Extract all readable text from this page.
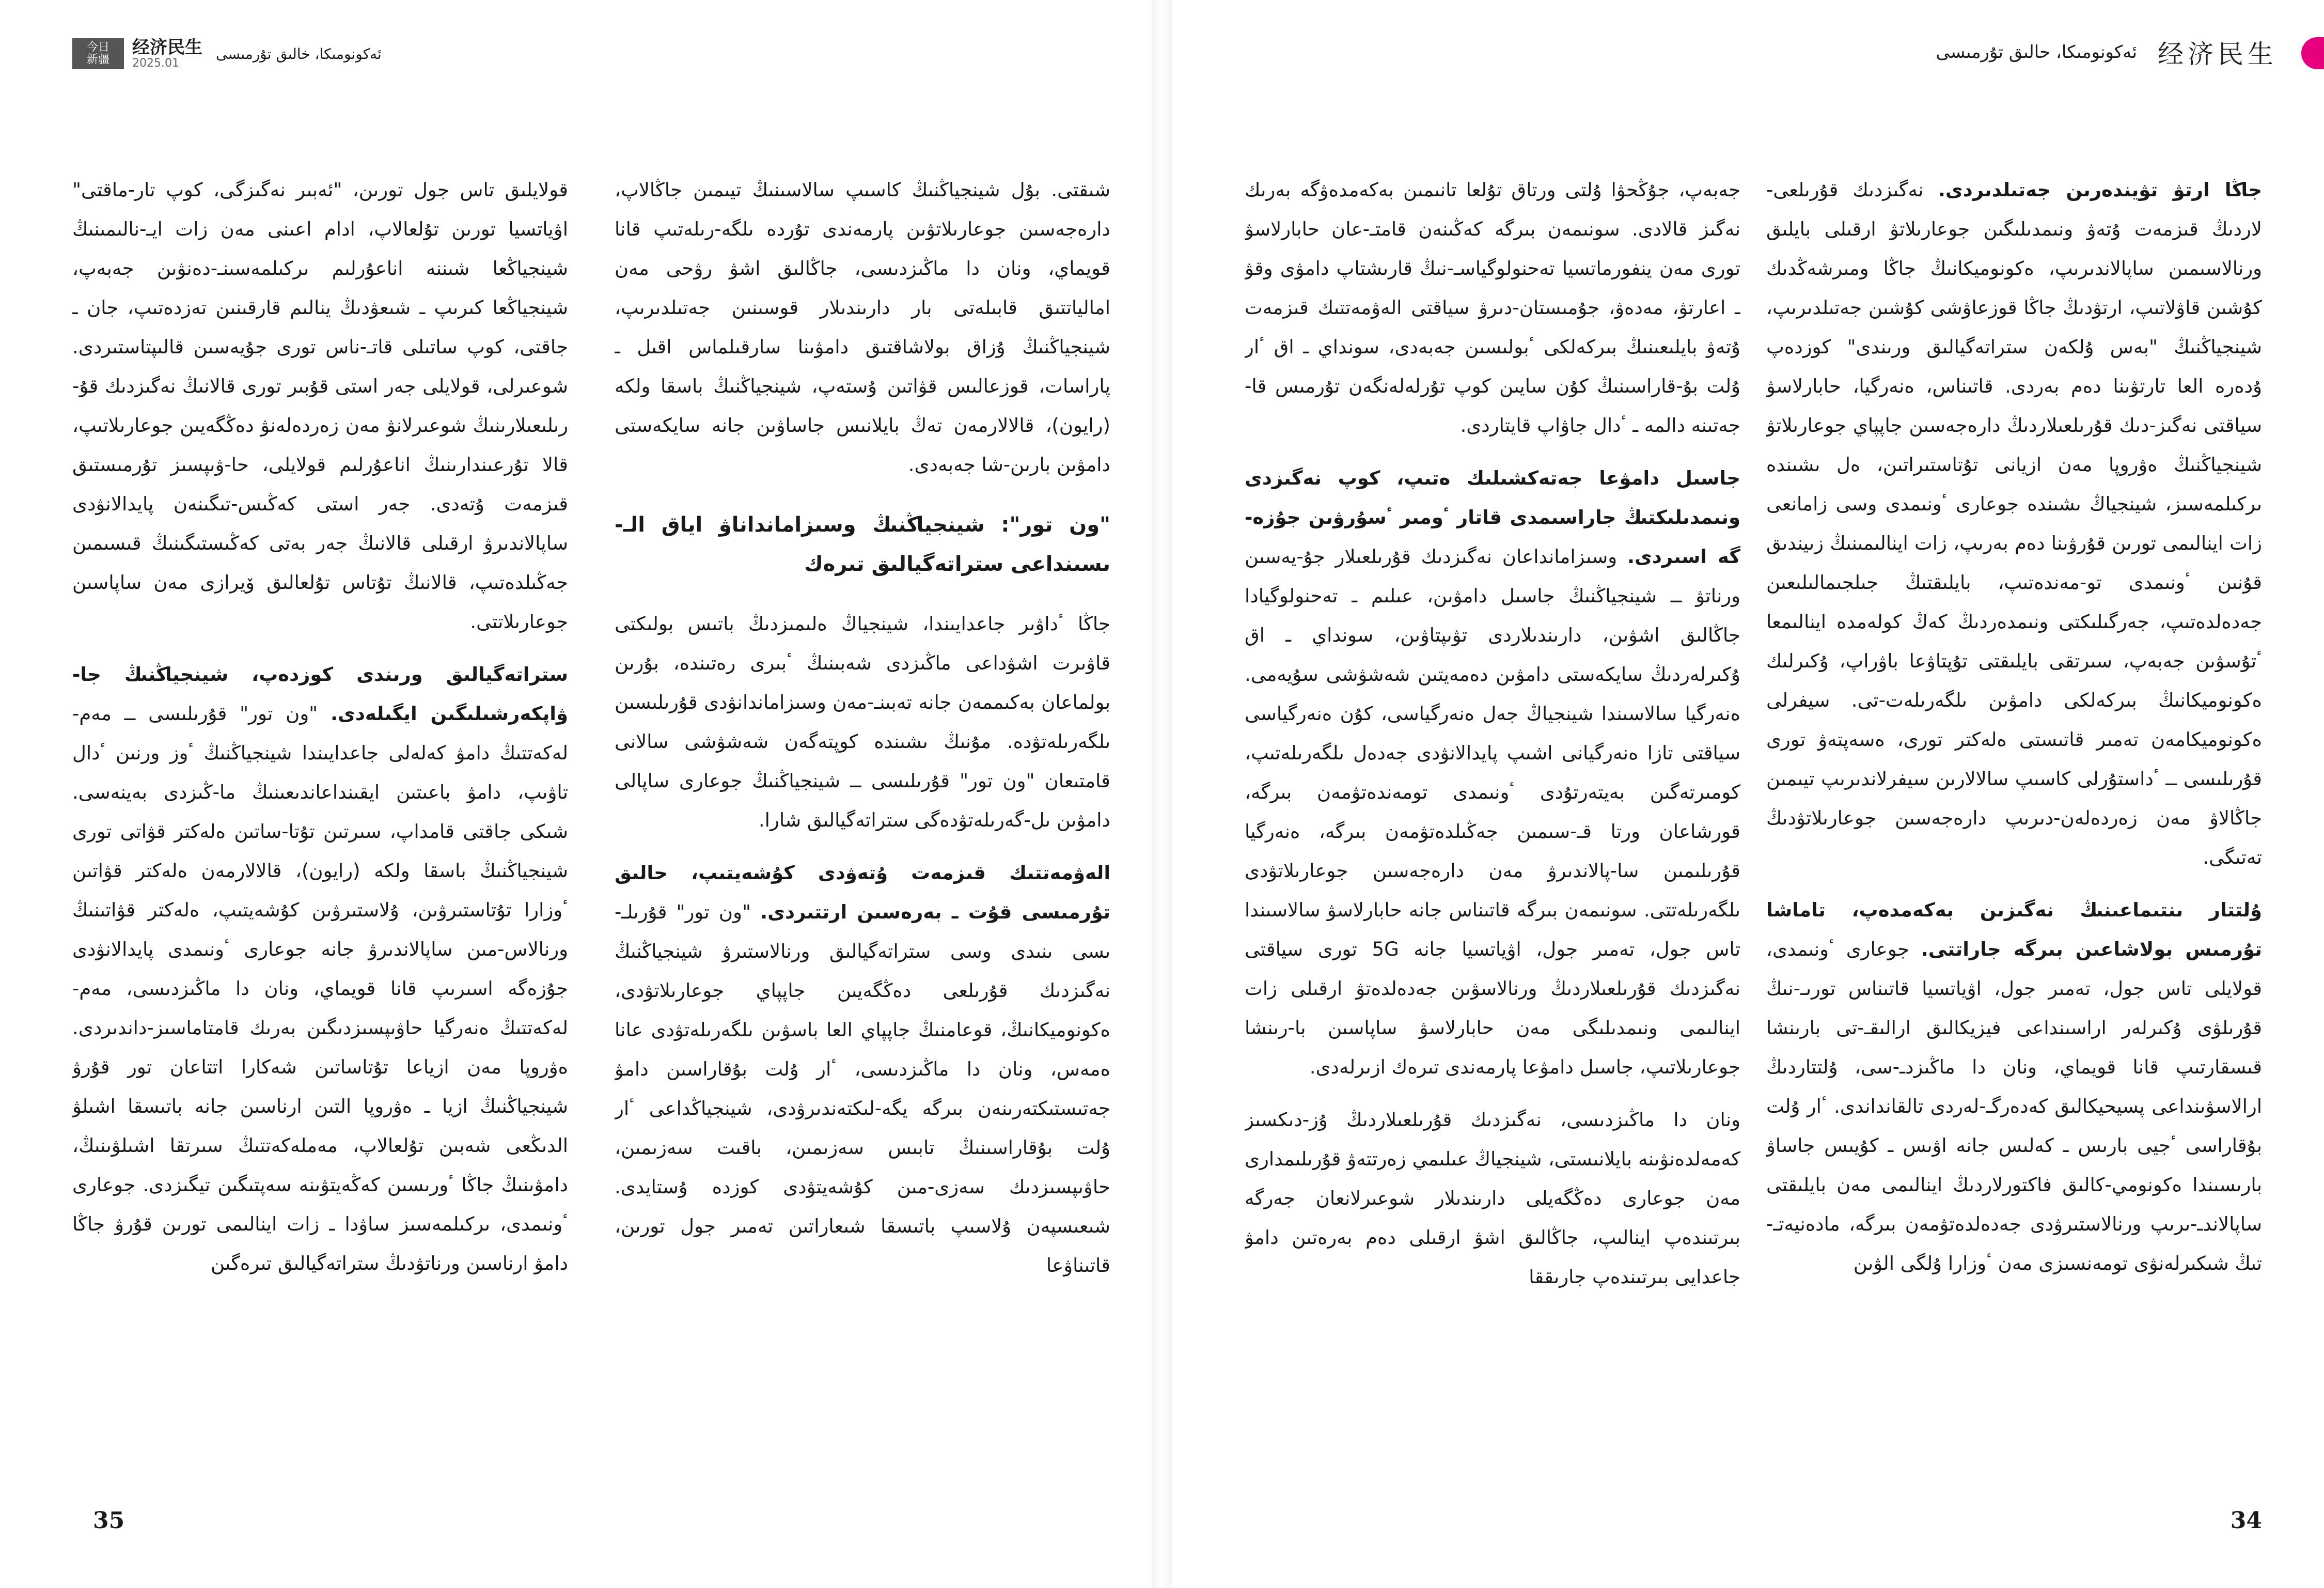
今日
新疆
经济民生
2025.01
ئەكونومىكا، خالىق تۇرمىسى

قولايلىق تاس جول تورىن، "ئەبىر نەگىزگى، كوپ تار-ماقتى" اۋياتسيا تورىن تۇلعالاپ، ادام اعىنى مەن زات ايـ-نالىمىنىڭ شينجياڭعا شىننە اناعۇرلىم ىركىلمەسىنـ-دەنۋىن جەبەپ، شينجياڭعا كىرىپ ـ شىعۋدىڭ ينالىم قارقىنىن تەزدەتىپ، جان ـ جاقتى، كوپ ساتىلى قاتـ-ناس تورى جۇيەسىن قالىپتاستىردى. شوعىرلى، قولايلى جەر استى قۇبىر تورى قالانىڭ نەگىزدىك قۇ-رىلىعىلارىنىڭ شوعىرلانۋ مەن زەردەلەنۋ دەڭگەيىن جوعارىلاتىپ، قالا تۇرعىندارىنىڭ اناعۇرلىم قولايلى، حا-ۋىپسىز تۇرمىستىق قىزمەت ۇتەدى. جەر استى كەڭىس-تىگىنەن پايدالانۋدى ساپالاندىرۋ ارقىلى قالانىڭ جەر بەتى كەڭىستىگىنىڭ قىسىمىن جەڭىلدەتىپ، قالانىڭ تۇتاس تۇلعالىق ۆيرازى مەن ساپاسىن جوعارىلاتتى.

ستراتەگيالىق ورىندى كوزدەپ، شينجياڭنىڭ جا-ۋاپكەرشىلىگىن ايگىلەدى. "ون تور" قۇرىلىسى ــ مەم-لەكەتتىڭ دامۋ كەلەلى جاعدايىندا شينجياڭنىڭ ٴوز ورنىن ٴدال تاۋىپ، دامۋ باعىتىن ايقىنداعاندىعىنىڭ ما-ڭىزدى بەينەسى. شىكى جاقتى قامداپ، سىرتىن تۇتا-ساتىن ەلەكتر قۋاتى تورى شينجياڭنىڭ باسقا ولكە (رايون)، قالالارمەن ەلەكتر قۋاتىن ٴوزارا تۇتاستىرۋىن، ۇلاستىرۋىن كۇشەيتىپ، ەلەكتر قۋاتىنىڭ ورنالاس-مىن ساپالاندىرۋ جانە جوعارى ٴونىمدى پايدالانۋدى جۇزەگە اسىرىپ قانا قويماي، ونان دا ماڭىزدىسى، مەم-لەكەتتىڭ ەنەرگيا حاۋىپسىزدىگىن بەرىك قامتاماسىز-داندىردى. ەۋروپا مەن ازياعا تۇتاساتىن شەكارا اتتاعان تور قۇرۋ شينجياڭنىڭ ازيا ـ ەۋروپا التىن ارناسىن جانە باتىسقا اشىلۋ الدىڭعى شەبىن تۇلعالاپ، مەملەكەتتىڭ سىرتقا اشىلۋىنىڭ، دامۋىنىڭ جاڭا ٴورىسىن كەڭەيتۋىنە سەپتىگىن تيگىزدى. جوعارى ٴونىمدى، ىركىلمەسىز ساۋدا ـ زات اينالىمى تورىن قۇرۋ جاڭا دامۋ ارناسىن ورناتۋدىڭ ستراتەگيالىق تىرەگىن

شىقتى. بۇل شينجياڭنىڭ كاسىپ سالاسىنىڭ تيىمىن جاڭالاپ، دارەجەسىن جوعارىلاتۋىن پارمەندى تۇردە ىلگە-رىلەتىپ قانا قويماي، ونان دا ماڭىزدىسى، جاڭالىق اشۋ رۋحى مەن امالياتتىق قابىلەتى بار دارىندىلار قوسىنىن جەتىلدىرىپ، شينجياڭنىڭ ۇزاق بولاشاقتىق دامۋىنا سارقىلماس اقىل ـ پاراسات، قوزعالىس قۋاتىن ۇستەپ، شينجياڭنىڭ باسقا ولكە (رايون)، قالالارمەن تەڭ بايلانىس جاساۋىن جانە سايكەستى دامۋىن بارىن-شا جەبەدى.

"ون تور": شينجياڭنىڭ وسىزامانداناۋ اياق الـ-ىسىنداعى ستراتەگيالىق تىرەك

جاڭا ٴداۋىر جاعدايىندا، شينجياڭ ەلىمىزدىڭ باتىس بولىكتى قاۋىرت اشۋداعى ماڭىزدى شەبىنىڭ ٴبىرى رەتىندە، بۇرىن بولماعان بەكىممەن جانە تەبىنـ-مەن وسىزاماندانۋدى قۇرىلىسىن ىلگەرىلەتۋدە. مۇنىڭ ىشىندە كوپتەگەن شەشۋشى سالانى قامتىعان "ون تور" قۇرىلىسى ــ شينجياڭنىڭ جوعارى ساپالى دامۋىن ىل-گەرىلەتۋدەگى ستراتەگيالىق شارا.

الەۋمەتتىك قىزمەت ۇتەۋدى كۇشەيتىپ، حالىق تۇرمىسى قۇت ـ بەرەسىن ارتتىردى. "ون تور" قۇرىلـ-ىسى ىنىدى وسى ستراتەگيالىق ورنالاستىرۋ شينجياڭنىڭ نەگىزدىك قۇرىلعى دەڭگەيىن جاپپاي جوعارىلاتۋدى، ەكونوميكانىڭ، قوعامنىڭ جاپپاي العا باسۋىن ىلگەرىلەتۋدى عانا ەمەس، ونان دا ماڭىزدىسى، ٴار ۇلت بۇقاراسىن دامۋ جەتىستىكتەرىنەن بىرگە يگە-لىكتەندىرۋدى، شينجياڭداعى ٴار ۇلت بۇقاراسىنىڭ تابىس سەزىمىن، باقىت سەزىمىن، حاۋىپسىزدىك سەزى-مىن كۇشەيتۋدى كوزدە ۇستايدى. شىعىسپەن ۇلاسىپ باتىسقا شىعاراتىن تەمىر جول تورىن، قاتىناۋعا

35
ئەكونومىكا، حالىق تۇرمىسى 经济民生

جەبەپ، جۇڭحۋا ۇلتى ورتاق تۇلعا تانىمىن بەكەمدەۋگە بەرىك نەگىز قالادى. سونىمەن بىرگە كەڭىنەن قامتـ-عان حابارلاسۋ تورى مەن ينفورماتسيا تەحنولوگياسـ-نىڭ قارىشتاپ دامۋى وقۋ ـ اعارتۋ، مەدەۋ، جۇمىستان-دىرۋ سياقتى الەۋمەتتىك قىزمەت ۇتەۋ بايلىعىنىڭ بىركەلكى ٴبولىسىن جەبەدى، سونداي ـ اق ٴار ۇلت بۇ-قاراسىنىڭ كۇن سايىن كوپ تۇرلەلەنگەن تۇرمىس قا-جەتىنە دالمە ـ ٴدال جاۋاپ قايتاردى.

جاسىل دامۋعا جەتەكشىلىك ەتىپ، كوپ نەگىزدى ونىمدىلىكتىڭ جاراسىمدى قاتار ٴومىر ٴسۇرۋىن جۇزە-گە اسىردى. وسىزامانداعان نەگىزدىك قۇرىلعىلار جۇ-يەسىن ورناتۋ ــ شينجياڭنىڭ جاسىل دامۋىن، عىلىم ـ تەحنولوگيادا جاڭالىق اشۋىن، دارىندىلاردى تۋىپتاۋىن، سونداي ـ اق ۇكىرلەردىڭ سايكەستى دامۋىن دەمەيتىن شەشۋشى سۇيەمى. ەنەرگيا سالاسىندا شينجياڭ جەل ەنەرگياسى، كۇن ەنەرگياسى سياقتى تازا ەنەرگيانى اشىپ پايدالانۋدى جەدەل ىلگەرىلەتىپ، كومىرتەگىن بەيتەرتۇدى ٴونىمدى تومەندەتۋمەن بىرگە، قورشاعان ورتا قـ-سىمىن جەڭىلدەتۋمەن بىرگە، ەنەرگيا قۇرىلىمىن سا-پالاندىرۋ مەن دارەجەسىن جوعارىلاتۋدى ىلگەرىلەتتى. سونىمەن بىرگە قاتىناس جانە حابارلاسۋ سالاسىندا تاس جول، تەمىر جول، اۋياتسيا جانە 5G تورى سياقتى نەگىزدىك قۇرىلعىلاردىڭ ورنالاسۋىن جەدەلدەتۋ ارقىلى زات اينالىمى ونىمدىلىگى مەن حابارلاسۋ ساپاسىن با-رىنشا جوعارىلاتىپ، جاسىل دامۋعا پارمەندى تىرەك ازىرلەدى.

ونان دا ماڭىزدىسى، نەگىزدىك قۇرىلعىلاردىڭ ۇز-دىكسىز كەمەلدەنۋىنە بايلانىستى، شينجياڭ عىلىمي زەرتتەۋ قۇرىلىمدارى مەن جوعارى دەڭگەيلى دارىندىلار شوعىرلانعان جەرگە بىرتىندەپ اينالىپ، جاڭالىق اشۋ ارقىلى دەم بەرەتىن دامۋ جاعدايى بىرتىندەپ جارىققا

جاڭا ارتۋ تۋيندەرىن جەتىلدىردى. نەگىزدىك قۇرىلعى-لاردىڭ قىزمەت ۇتەۋ ونىمدىلىگىن جوعارىلاتۋ ارقىلى بايلىق ورنالاسىمىن ساپالاندىرىپ، ەكونوميكانىڭ جاڭا ومىرشەڭدىك كۇشىن قاۋلاتىپ، ارتۋدىڭ جاڭا قوزعاۋشى كۇشىن جەتىلدىرىپ، شينجياڭنىڭ "بەس ۇلكەن ستراتەگيالىق ورىندى" كوزدەپ ۇدەرە العا تارتۋىنا دەم بەردى. قاتىناس، ەنەرگيا، حابارلاسۋ سياقتى نەگىز-دىك قۇرىلعىلاردىڭ دارەجەسىن جاپپاي جوعارىلاتۋ شينجياڭنىڭ ەۋروپا مەن ازيانى تۇتاستىراتىن، ەل ىشىندە ىركىلمەسىز، شينجياڭ ىشىندە جوعارى ٴونىمدى وسى زامانعى زات اينالىمى تورىن قۇرۋىنا دەم بەرىپ، زات اينالىمىنىڭ زىيندىق قۇنىن ٴونىمدى تو-مەندەتىپ، بايلىقتىڭ جىلجىمالىلىعىن جەدەلدەتىپ، جەرگىلىكتى ونىمدەردىڭ كەڭ كولەمدە اينالىمعا ٴتۇسۋىن جەبەپ، سىرتقى بايلىقتى تۇپتاۋعا باۋراپ، ۇكىرلىك ەكونوميكانىڭ بىركەلكى دامۋىن ىلگەرىلەت-تى. سيفرلى ەكونوميكامەن تەمىر قاتىستى ەلەكتر تورى، ەسەپتەۋ تورى قۇرىلىسى ــ ٴداستۇرلى كاسىپ سالالارىن سيفرلاندىرىپ تيىمىن جاڭالاۋ مەن زەردەلەن-دىرىپ دارەجەسىن جوعارىلاتۋدىڭ تەتىگى.

ۇلتتار ىنتىماعىنىڭ نەگىزىن بەكەمدەپ، تاماشا تۇرمىس بولاشاعىن بىرگە جاراتتى. جوعارى ٴونىمدى، قولايلى تاس جول، تەمىر جول، اۋياتسيا قاتىناس تورىـ-نىڭ قۇرىلۋى ۇكىرلەر اراسىنداعى فيزيكالىق ارالىقـ-تى بارىنشا قىسقارتىپ قانا قويماي، ونان دا ماڭىزدـ-سى، ۇلتتاردىڭ ارالاسۋىنداعى پسيحيكالىق كەدەرگـ-لەردى تالقانداندى. ٴار ۇلت بۇقاراسى ٴجيى بارىس ـ كەلىس جانە اۋىس ـ كۇيىس جاساۋ بارىسىندا ەكونومي-كالىق فاكتورلاردىڭ اينالىمى مەن بايلىقتى ساپالاندـ-ىرىپ ورنالاستىرۋدى جەدەلدەتۋمەن بىرگە، مادەنيەتـ-تىڭ شىكىرلەنۋى تومەنسىزى مەن ٴوزارا ۇلگى الۋىن

34
